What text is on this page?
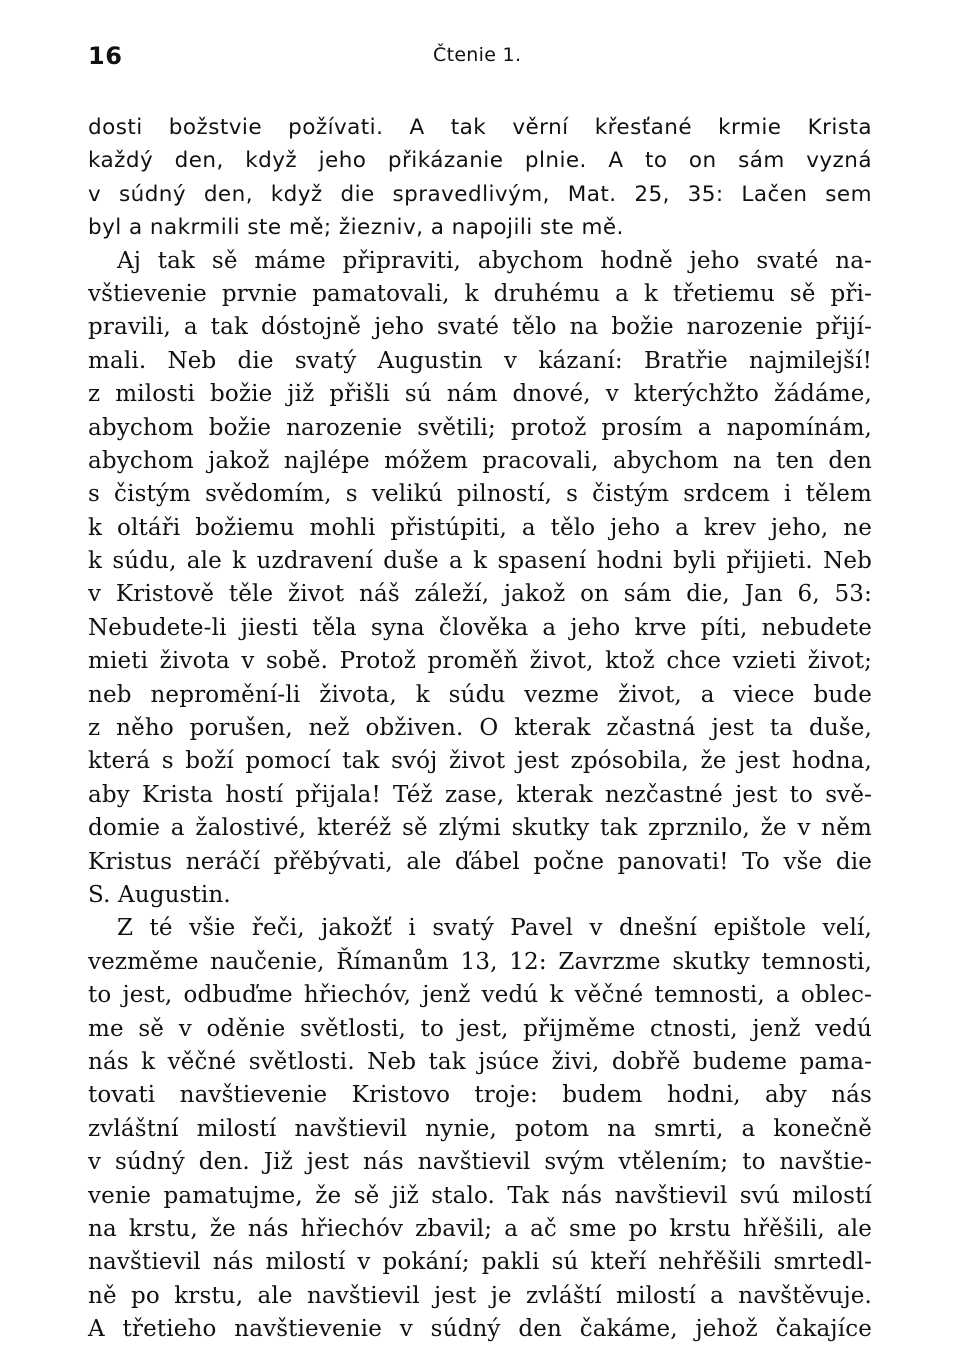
16	Čtenie 1.
dosti božstvie požívati. A tak věrní křesťané krmie Krista
každý den, když jeho přikázanie plnie. A to on sám vyzná
v súdný den, když die spravedlivým, Mat. 25, 35: Lačen sem
byl a nakrmili ste mě; žiezniv, a napojili ste mě.
Aj tak sě máme připraviti, abychom hodně jeho svaté na-
vštievenie prvnie pamatovali, k druhému a k třetiemu sě při-
pravili, a tak dóstojně jeho svaté tělo na božie narozenie přijí-
mali. Neb die svatý Augustin v kázaní: Bratřie najmilejší!
z milosti božie již přišli sú nám dnové, v kterýchžto žádáme,
abychom božie narozenie světili; protož prosím a napomínám,
abychom jakož najlépe móžem pracovali, abychom na ten den
s čistým svědomím, s velikú pilností, s čistým srdcem i tělem
k oltáři božiemu mohli přistúpiti, a tělo jeho a krev jeho, ne
k súdu, ale k uzdravení duše a k spasení hodni byli přijieti. Neb
v Kristově těle život náš záleží, jakož on sám die, Jan 6, 53:
Nebudete-li jiesti těla syna člověka a jeho krve píti, nebudete
mieti života v sobě. Protož proměň život, ktož chce vzieti život;
neb nepromění-li života, k súdu vezme život, a viece bude
z něho porušen, než obživen. O kterak zčastná jest ta duše,
která s boží pomocí tak svój život jest zpósobila, že jest hodna,
aby Krista hostí přijala! Též zase, kterak nezčastné jest to svě-
domie a žalostivé, kteréž sě zlými skutky tak zprznilo, že v něm
Kristus neráčí přěbývati, ale ďábel počne panovati! To vše die
S. Augustin.
Z té všie řeči, jakožť i svatý Pavel v dnešní epištole velí,
vezměme naučenie, Římanům 13, 12: Zavrzme skutky temnosti,
to jest, odbuďme hřiechóv, jenž vedú k věčné temnosti, a oblec-
me sě v oděnie světlosti, to jest, přijměme ctnosti, jenž vedú
nás k věčné světlosti. Neb tak jsúce živi, dobřě budeme pama-
tovati navštievenie Kristovo troje: budem hodni, aby nás
zvláštní milostí navštievil nynie, potom na smrti, a konečně
v súdný den. Již jest nás navštievil svým vtělením; to navštie-
venie pamatujme, že sě již stalo. Tak nás navštievil svú milostí
na krstu, že nás hřiechóv zbavil; a ač sme po krstu hřěšili, ale
navštievil nás milostí v pokání; pakli sú kteří nehřěšili smrtedl-
ně po krstu, ale navštievil jest je zvláští milostí a navštěvuje.
A třetieho navštievenie v súdný den čakáme, jehož čakajíce
